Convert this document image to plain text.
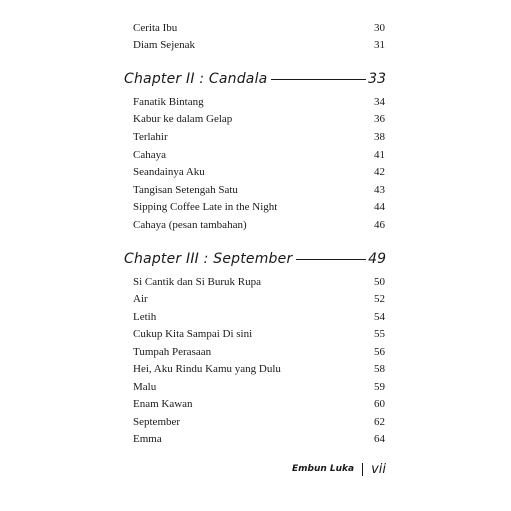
Cerita Ibu	30
Diam Sejenak	31
Chapter II : Candala	33
Fanatik Bintang	34
Kabur ke dalam Gelap	36
Terlahir	38
Cahaya	41
Seandainya Aku	42
Tangisan Setengah Satu	43
Sipping Coffee Late in the Night	44
Cahaya (pesan tambahan)	46
Chapter III : September	49
Si Cantik dan Si Buruk Rupa	50
Air	52
Letih	54
Cukup Kita Sampai Di sini	55
Tumpah Perasaan	56
Hei, Aku Rindu Kamu yang Dulu	58
Malu	59
Enam Kawan	60
September	62
Emma	64
Embun Luka vii
